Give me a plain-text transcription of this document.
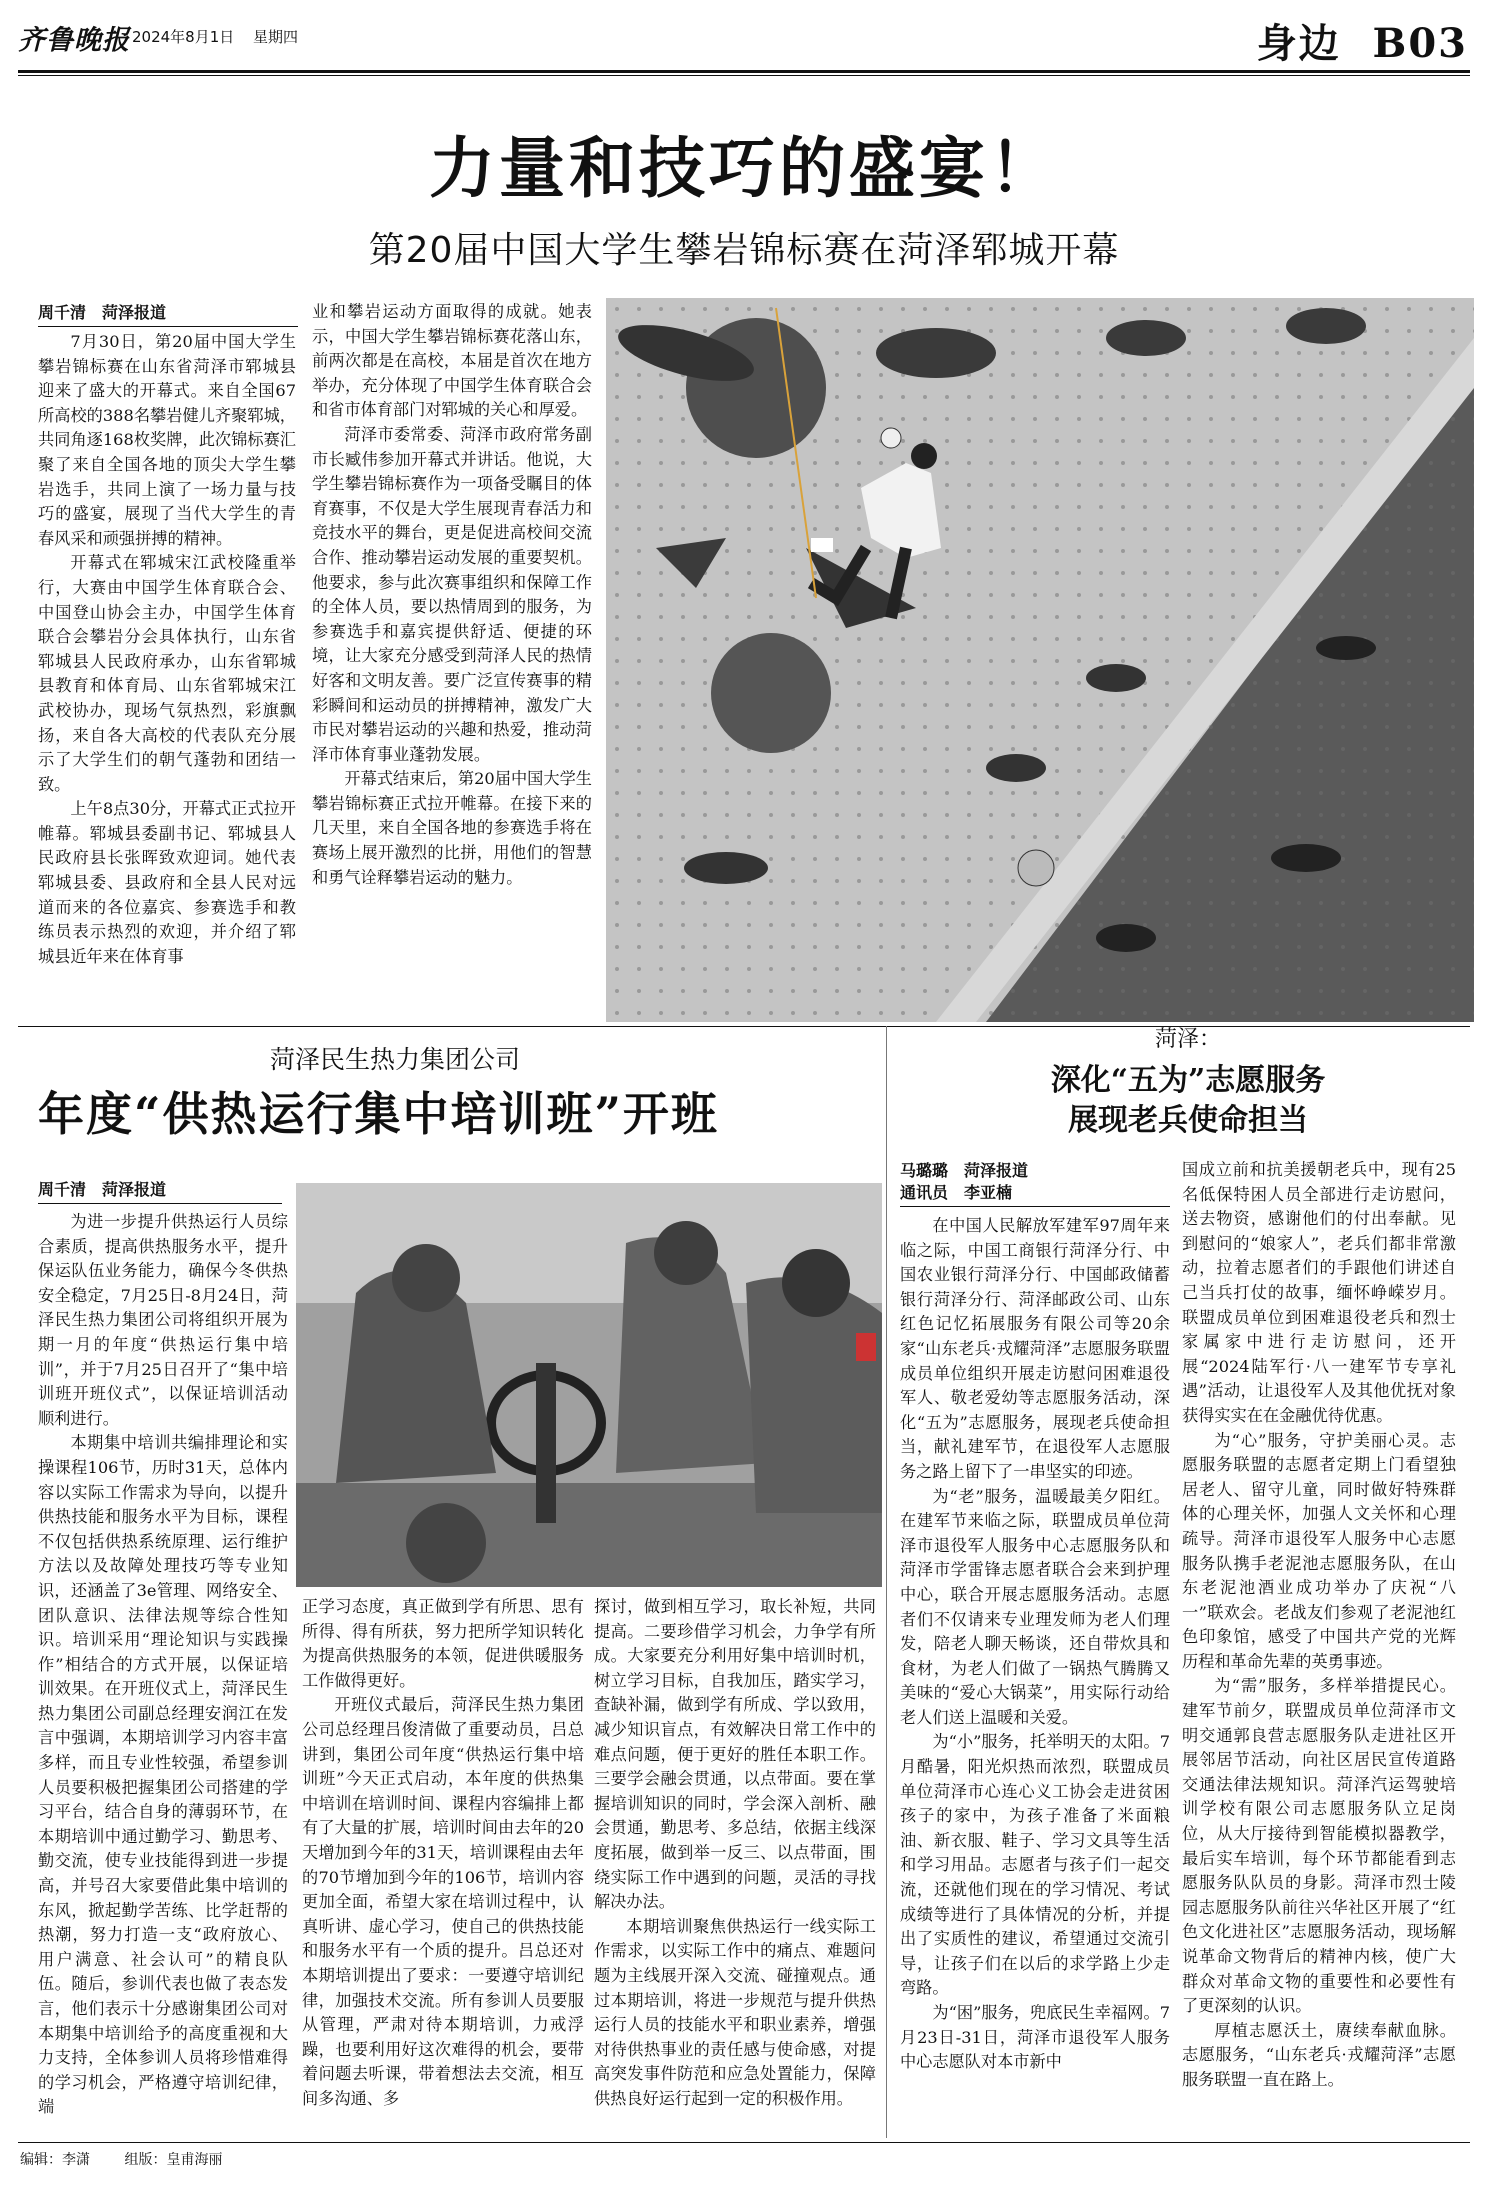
齐鲁晚报 2024年8月1日 星期四	身边  B03
力量和技巧的盛宴！
第20届中国大学生攀岩锦标赛在菏泽郓城开幕
周千清　菏泽报道

7月30日，第20届中国大学生攀岩锦标赛在山东省菏泽市郓城县迎来了盛大的开幕式。来自全国67所高校的388名攀岩健儿齐聚郓城，共同角逐168枚奖牌，此次锦标赛汇聚了来自全国各地的顶尖大学生攀岩选手，共同上演了一场力量与技巧的盛宴，展现了当代大学生的青春风采和顽强拼搏的精神。

开幕式在郓城宋江武校隆重举行，大赛由中国学生体育联合会、中国登山协会主办，中国学生体育联合会攀岩分会具体执行，山东省郓城县人民政府承办，山东省郓城县教育和体育局、山东省郓城宋江武校协办，现场气氛热烈，彩旗飘扬，来自各大高校的代表队充分展示了大学生们的朝气蓬勃和团结一致。

上午8点30分，开幕式正式拉开帷幕。郓城县委副书记、郓城县人民政府县长张晖致欢迎词。她代表郓城县委、县政府和全县人民对远道而来的各位嘉宾、参赛选手和教练员表示热烈的欢迎，并介绍了郓城县近年来在体育事

业和攀岩运动方面取得的成就。她表示，中国大学生攀岩锦标赛花落山东，前两次都是在高校，本届是首次在地方举办，充分体现了中国学生体育联合会和省市体育部门对郓城的关心和厚爱。

菏泽市委常委、菏泽市政府常务副市长臧伟参加开幕式并讲话。他说，大学生攀岩锦标赛作为一项备受瞩目的体育赛事，不仅是大学生展现青春活力和竞技水平的舞台，更是促进高校间交流合作、推动攀岩运动发展的重要契机。他要求，参与此次赛事组织和保障工作的全体人员，要以热情周到的服务，为参赛选手和嘉宾提供舒适、便捷的环境，让大家充分感受到菏泽人民的热情好客和文明友善。要广泛宣传赛事的精彩瞬间和运动员的拼搏精神，激发广大市民对攀岩运动的兴趣和热爱，推动菏泽市体育事业蓬勃发展。

开幕式结束后，第20届中国大学生攀岩锦标赛正式拉开帷幕。在接下来的几天里，来自全国各地的参赛选手将在赛场上展开激烈的比拼，用他们的智慧和勇气诠释攀岩运动的魅力。

菏泽民生热力集团公司
年度“供热运行集中培训班”开班
周千清　菏泽报道

为进一步提升供热运行人员综合素质，提高供热服务水平，提升保运队伍业务能力，确保今冬供热安全稳定，7月25日-8月24日，菏泽民生热力集团公司将组织开展为期一月的年度“供热运行集中培训”，并于7月25日召开了“集中培训班开班仪式”，以保证培训活动顺利进行。

本期集中培训共编排理论和实操课程106节，历时31天，总体内容以实际工作需求为导向，以提升供热技能和服务水平为目标，课程不仅包括供热系统原理、运行维护方法以及故障处理技巧等专业知识，还涵盖了3e管理、网络安全、团队意识、法律法规等综合性知识。培训采用“理论知识与实践操作”相结合的方式开展，以保证培训效果。在开班仪式上，菏泽民生热力集团公司副总经理安润江在发言中强调，本期培训学习内容丰富多样，而且专业性较强，希望参训人员要积极把握集团公司搭建的学习平台，结合自身的薄弱环节，在本期培训中通过勤学习、勤思考、勤交流，使专业技能得到进一步提高，并号召大家要借此集中培训的东风，掀起勤学苦练、比学赶帮的热潮，努力打造一支“政府放心、用户满意、社会认可”的精良队伍。随后，参训代表也做了表态发言，他们表示十分感谢集团公司对本期集中培训给予的高度重视和大力支持，全体参训人员将珍惜难得的学习机会，严格遵守培训纪律，端

正学习态度，真正做到学有所思、思有所得、得有所获，努力把所学知识转化为提高供热服务的本领，促进供暖服务工作做得更好。

开班仪式最后，菏泽民生热力集团公司总经理吕俊清做了重要动员，吕总讲到，集团公司年度“供热运行集中培训班”今天正式启动，本年度的供热集中培训在培训时间、课程内容编排上都有了大量的扩展，培训时间由去年的20天增加到今年的31天，培训课程由去年的70节增加到今年的106节，培训内容更加全面，希望大家在培训过程中，认真听讲、虚心学习，使自己的供热技能和服务水平有一个质的提升。吕总还对本期培训提出了要求：一要遵守培训纪律，加强技术交流。所有参训人员要服从管理，严肃对待本期培训，力戒浮躁，也要利用好这次难得的机会，要带着问题去听课，带着想法去交流，相互间多沟通、多

探讨，做到相互学习，取长补短，共同提高。二要珍借学习机会，力争学有所成。大家要充分利用好集中培训时机，树立学习目标，自我加压，踏实学习，查缺补漏，做到学有所成、学以致用，减少知识盲点，有效解决日常工作中的难点问题，便于更好的胜任本职工作。三要学会融会贯通，以点带面。要在掌握培训知识的同时，学会深入剖析、融会贯通，勤思考、多总结，依据主线深度拓展，做到举一反三、以点带面，围绕实际工作中遇到的问题，灵活的寻找解决办法。

本期培训聚焦供热运行一线实际工作需求，以实际工作中的痛点、难题问题为主线展开深入交流、碰撞观点。通过本期培训，将进一步规范与提升供热运行人员的技能水平和职业素养，增强对待供热事业的责任感与使命感，对提高突发事件防范和应急处置能力，保障供热良好运行起到一定的积极作用。

菏泽：
深化“五为”志愿服务
展现老兵使命担当
马璐璐　菏泽报道
通讯员　李亚楠

在中国人民解放军建军97周年来临之际，中国工商银行菏泽分行、中国农业银行菏泽分行、中国邮政储蓄银行菏泽分行、菏泽邮政公司、山东红色记忆拓展服务有限公司等20余家“山东老兵·戎耀菏泽”志愿服务联盟成员单位组织开展走访慰问困难退役军人、敬老爱幼等志愿服务活动，深化“五为”志愿服务，展现老兵使命担当，献礼建军节，在退役军人志愿服务之路上留下了一串坚实的印迹。

为“老”服务，温暖最美夕阳红。在建军节来临之际，联盟成员单位菏泽市退役军人服务中心志愿服务队和菏泽市学雷锋志愿者联合会来到护理中心，联合开展志愿服务活动。志愿者们不仅请来专业理发师为老人们理发，陪老人聊天畅谈，还自带炊具和食材，为老人们做了一锅热气腾腾又美味的“爱心大锅菜”，用实际行动给老人们送上温暖和关爱。

为“小”服务，托举明天的太阳。7月酷暑，阳光炽热而浓烈，联盟成员单位菏泽市心连心义工协会走进贫困孩子的家中，为孩子准备了米面粮油、新衣服、鞋子、学习文具等生活和学习用品。志愿者与孩子们一起交流，还就他们现在的学习情况、考试成绩等进行了具体情况的分析，并提出了实质性的建议，希望通过交流引导，让孩子们在以后的求学路上少走弯路。

为“困”服务，兜底民生幸福网。7月23日-31日，菏泽市退役军人服务中心志愿队对本市新中

国成立前和抗美援朝老兵中，现有25名低保特困人员全部进行走访慰问，送去物资，感谢他们的付出奉献。见到慰问的“娘家人”，老兵们都非常激动，拉着志愿者们的手跟他们讲述自己当兵打仗的故事，缅怀峥嵘岁月。联盟成员单位到困难退役老兵和烈士家属家中进行走访慰问，还开展“2024陆军行·八一建军节专享礼遇”活动，让退役军人及其他优抚对象获得实实在在金融优待优惠。

为“心”服务，守护美丽心灵。志愿服务联盟的志愿者定期上门看望独居老人、留守儿童，同时做好特殊群体的心理关怀，加强人文关怀和心理疏导。菏泽市退役军人服务中心志愿服务队携手老泥池志愿服务队，在山东老泥池酒业成功举办了庆祝“八一”联欢会。老战友们参观了老泥池红色印象馆，感受了中国共产党的光辉历程和革命先辈的英勇事迹。

为“需”服务，多样举措提民心。建军节前夕，联盟成员单位菏泽市文明交通郭良营志愿服务队走进社区开展邻居节活动，向社区居民宣传道路交通法律法规知识。菏泽汽运驾驶培训学校有限公司志愿服务队立足岗位，从大厅接待到智能模拟器教学，最后实车培训，每个环节都能看到志愿服务队队员的身影。菏泽市烈士陵园志愿服务队前往兴华社区开展了“红色文化进社区”志愿服务活动，现场解说革命文物背后的精神内核，使广大群众对革命文物的重要性和必要性有了更深刻的认识。

厚植志愿沃土，赓续奉献血脉。志愿服务，“山东老兵·戎耀菏泽”志愿服务联盟一直在路上。

编辑：李潇 组版：皇甫海丽
